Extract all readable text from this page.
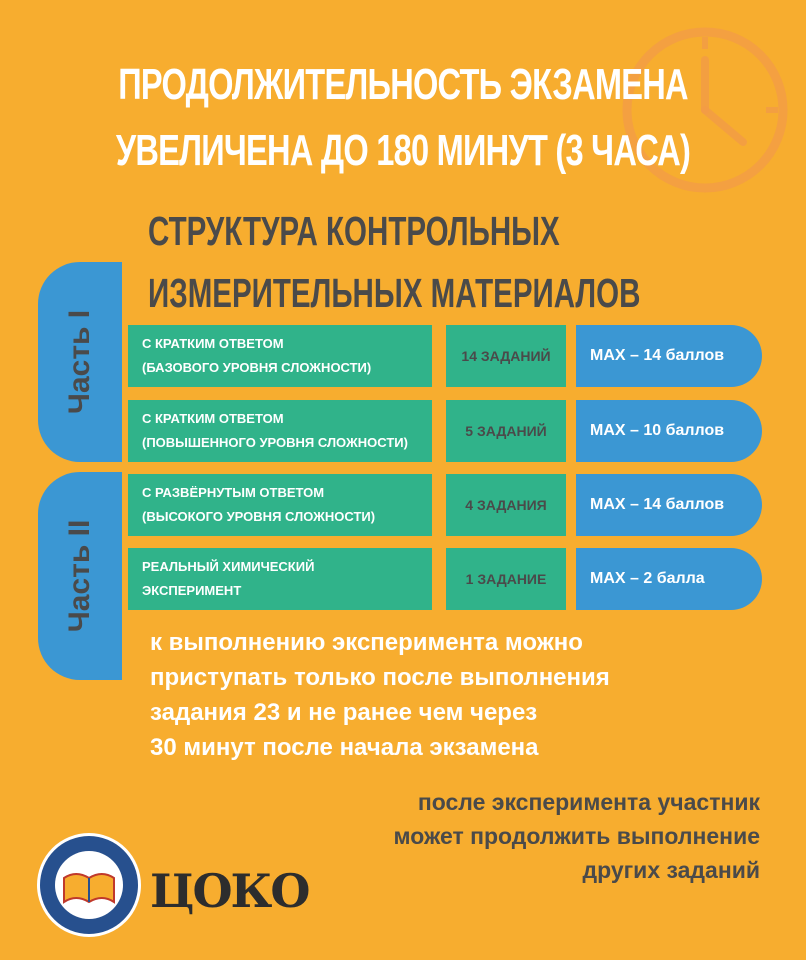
ПРОДОЛЖИТЕЛЬНОСТЬ ЭКЗАМЕНА
УВЕЛИЧЕНА ДО 180 МИНУТ (3 ЧАСА)
СТРУКТУРА КОНТРОЛЬНЫХ
ИЗМЕРИТЕЛЬНЫХ МАТЕРИАЛОВ
Часть I	С КРАТКИМ ОТВЕТОМ
(БАЗОВОГО УРОВНЯ СЛОЖНОСТИ)
14 ЗАДАНИЙ	MAX – 14 баллов
С КРАТКИМ ОТВЕТОМ
(ПОВЫШЕННОГО УРОВНЯ СЛОЖНОСТИ)
5 ЗАДАНИЙ	MAX – 10 баллов
Часть II
С РАЗВЁРНУТЫМ ОТВЕТОМ
(ВЫСОКОГО УРОВНЯ СЛОЖНОСТИ)
4 ЗАДАНИЯ	MAX – 14 баллов
РЕАЛЬНЫЙ ХИМИЧЕСКИЙ
ЭКСПЕРИМЕНТ
1 ЗАДАНИЕ	MAX – 2 балла
к выполнению эксперимента можно
приступать только после выполнения
задания 23 и не ранее чем через
30 минут после начала экзамена
после эксперимента участник
может продолжить выполнение
других заданий
ЦОКО
